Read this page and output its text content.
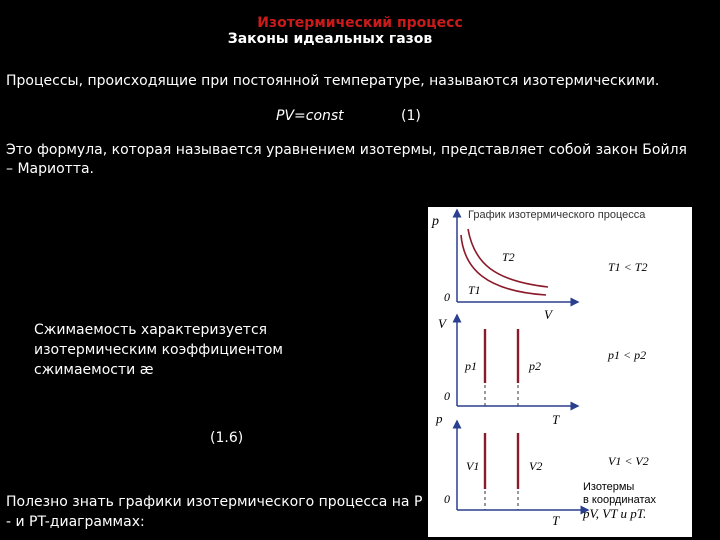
Изотермический процесс
Законы идеальных газов
Процессы, происходящие при постоянной температуре, называются изотермическими.
PV=const	(1)
Это формула, которая называется уравнением изотермы, представляет собой закон Бойля
– Мариотта.
Сжимаемость характеризуется
изотермическим коэффициентом
сжимаемости æ
(1.6)
График изотермического процесса
p
V
0
T2
T1
T1 < T2
V
T
0
p1	p2
p1 < p2
p
T
0
V1	V2	V1 < V2
Изотермы
в координатах
pV, VT и pT.
Полезно знать графики изотермического процесса на P
- и PT-диаграммах:
